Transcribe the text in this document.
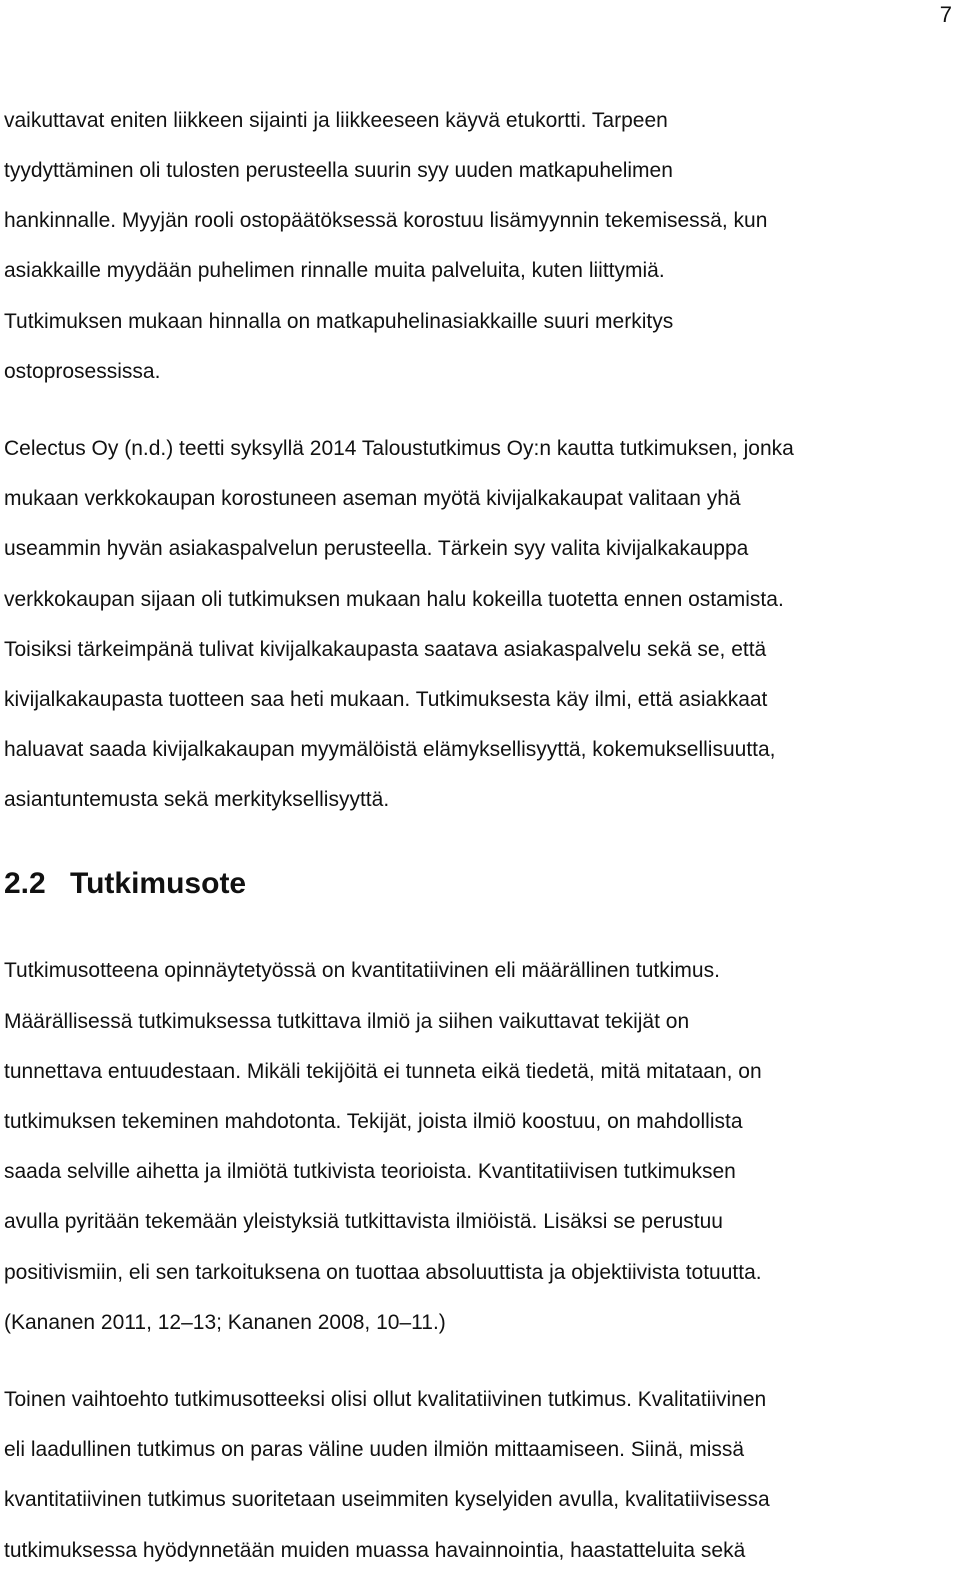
7

vaikuttavat eniten liikkeen sijainti ja liikkeeseen käyvä etukortti. Tarpeen

tyydyttäminen oli tulosten perusteella suurin syy uuden matkapuhelimen

hankinnalle. Myyjän rooli ostopäätöksessä korostuu lisämyynnin tekemisessä, kun

asiakkaille myydään puhelimen rinnalle muita palveluita, kuten liittymiä.

Tutkimuksen mukaan hinnalla on matkapuhelinasiakkaille suuri merkitys

ostoprosessissa.

Celectus Oy (n.d.) teetti syksyllä 2014 Taloustutkimus Oy:n kautta tutkimuksen, jonka

mukaan verkkokaupan korostuneen aseman myötä kivijalkakaupat valitaan yhä

useammin hyvän asiakaspalvelun perusteella. Tärkein syy valita kivijalkakauppa

verkkokaupan sijaan oli tutkimuksen mukaan halu kokeilla tuotetta ennen ostamista.

Toisiksi tärkeimpänä tulivat kivijalkakaupasta saatava asiakaspalvelu sekä se, että

kivijalkakaupasta tuotteen saa heti mukaan. Tutkimuksesta käy ilmi, että asiakkaat

haluavat saada kivijalkakaupan myymälöistä elämyksellisyyttä, kokemuksellisuutta,

asiantuntemusta sekä merkityksellisyyttä.

2.2 Tutkimusote

Tutkimusotteena opinnäytetyössä on kvantitatiivinen eli määrällinen tutkimus.

Määrällisessä tutkimuksessa tutkittava ilmiö ja siihen vaikuttavat tekijät on

tunnettava entuudestaan. Mikäli tekijöitä ei tunneta eikä tiedetä, mitä mitataan, on

tutkimuksen tekeminen mahdotonta. Tekijät, joista ilmiö koostuu, on mahdollista

saada selville aihetta ja ilmiötä tutkivista teorioista. Kvantitatiivisen tutkimuksen

avulla pyritään tekemään yleistyksiä tutkittavista ilmiöistä. Lisäksi se perustuu

positivismiin, eli sen tarkoituksena on tuottaa absoluuttista ja objektiivista totuutta.

(Kananen 2011, 12–13; Kananen 2008, 10–11.)

Toinen vaihtoehto tutkimusotteeksi olisi ollut kvalitatiivinen tutkimus. Kvalitatiivinen

eli laadullinen tutkimus on paras väline uuden ilmiön mittaamiseen. Siinä, missä

kvantitatiivinen tutkimus suoritetaan useimmiten kyselyiden avulla, kvalitatiivisessa

tutkimuksessa hyödynnetään muiden muassa havainnointia, haastatteluita sekä
